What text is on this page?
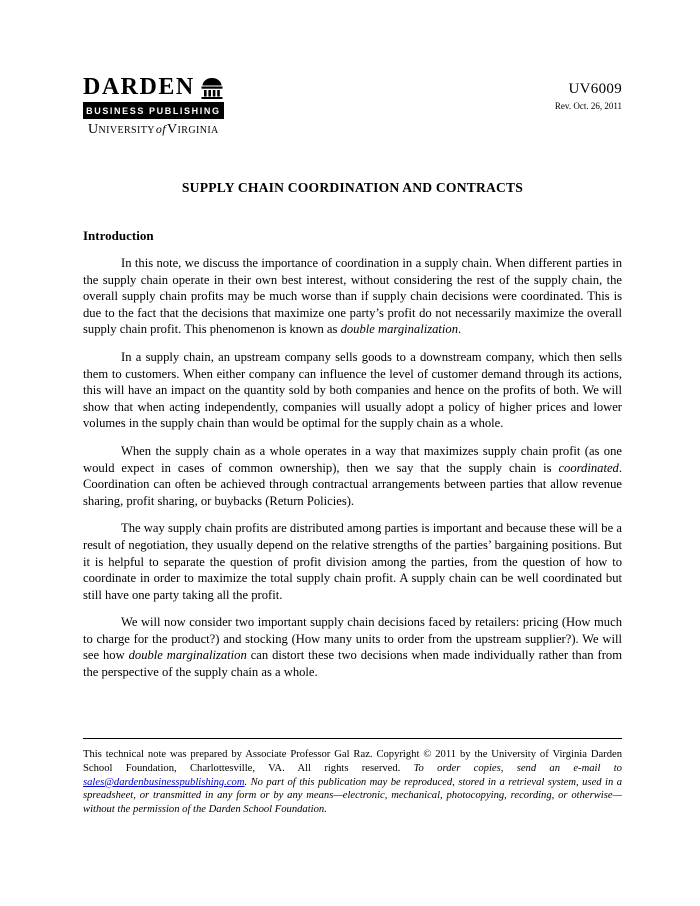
DARDEN
BUSINESS PUBLISHING
UniversityofVirginia
UV6009
Rev. Oct. 26, 2011
SUPPLY CHAIN COORDINATION AND CONTRACTS
Introduction

In this note, we discuss the importance of coordination in a supply chain. When different parties in the supply chain operate in their own best interest, without considering the rest of the supply chain, the overall supply chain profits may be much worse than if supply chain decisions were coordinated. This is due to the fact that the decisions that maximize one party’s profit do not necessarily maximize the overall supply chain profit. This phenomenon is known as double marginalization.

In a supply chain, an upstream company sells goods to a downstream company, which then sells them to customers. When either company can influence the level of customer demand through its actions, this will have an impact on the quantity sold by both companies and hence on the profits of both. We will show that when acting independently, companies will usually adopt a policy of higher prices and lower volumes in the supply chain than would be optimal for the supply chain as a whole.

When the supply chain as a whole operates in a way that maximizes supply chain profit (as one would expect in cases of common ownership), then we say that the supply chain is coordinated. Coordination can often be achieved through contractual arrangements between parties that allow revenue sharing, profit sharing, or buybacks (Return Policies).

The way supply chain profits are distributed among parties is important and because these will be a result of negotiation, they usually depend on the relative strengths of the parties’ bargaining positions. But it is helpful to separate the question of profit division among the parties, from the question of how to coordinate in order to maximize the total supply chain profit. A supply chain can be well coordinated but still have one party taking all the profit.

We will now consider two important supply chain decisions faced by retailers: pricing (How much to charge for the product?) and stocking (How many units to order from the upstream supplier?). We will see how double marginalization can distort these two decisions when made individually rather than from the perspective of the supply chain as a whole.

This technical note was prepared by Associate Professor Gal Raz. Copyright © 2011 by the University of Virginia Darden School Foundation, Charlottesville, VA. All rights reserved. To order copies, send an e-mail to sales@dardenbusinesspublishing.com. No part of this publication may be reproduced, stored in a retrieval system, used in a spreadsheet, or transmitted in any form or by any means—electronic, mechanical, photocopying, recording, or otherwise—without the permission of the Darden School Foundation.
